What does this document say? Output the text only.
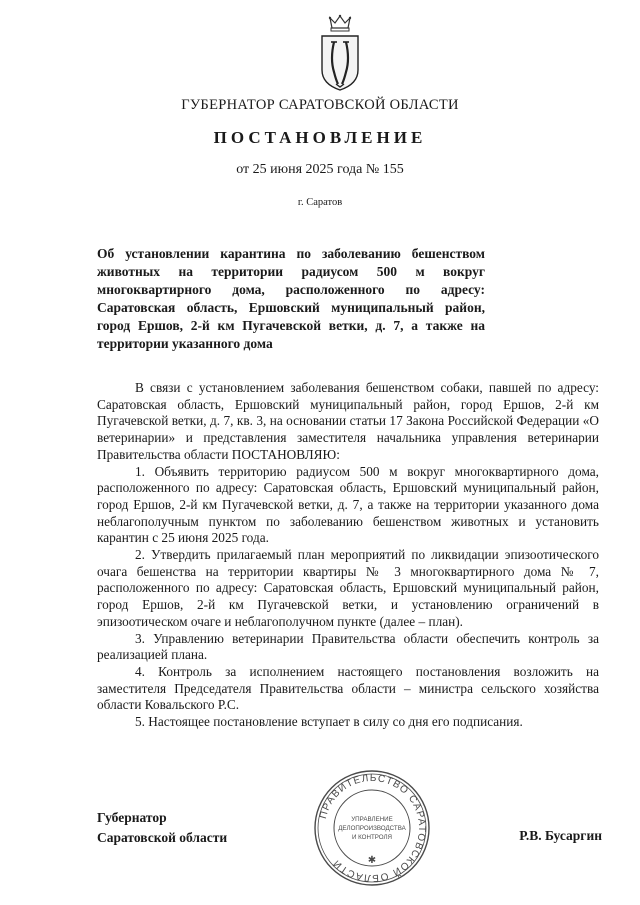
ГУБЕРНАТОР САРАТОВСКОЙ ОБЛАСТИ
ПОСТАНОВЛЕНИЕ
от 25 июня 2025 года № 155
г. Саратов
Об установлении карантина по заболеванию бешенством животных на территории радиусом 500 м вокруг многоквартирного дома, расположенного по адресу: Саратовская область, Ершовский муниципальный район, город Ершов, 2-й км Пугачевской ветки, д. 7, а также на территории указанного дома

В связи с установлением заболевания бешенством собаки, павшей по адресу: Саратовская область, Ершовский муниципальный район, город Ершов, 2-й км Пугачевской ветки, д. 7, кв. 3, на основании статьи 17 Закона Российской Федерации «О ветеринарии» и представления заместителя начальника управления ветеринарии Правительства области ПОСТАНОВЛЯЮ:

1. Объявить территорию радиусом 500 м вокруг многоквартирного дома, расположенного по адресу: Саратовская область, Ершовский муниципальный район, город Ершов, 2-й км Пугачевской ветки, д. 7, а также на территории указанного дома неблагополучным пунктом по заболеванию бешенством животных и установить карантин с 25 июня 2025 года.

2. Утвердить прилагаемый план мероприятий по ликвидации эпизоотического очага бешенства на территории квартиры № 3 многоквартирного дома № 7, расположенного по адресу: Саратовская область, Ершовский муниципальный район, город Ершов, 2-й км Пугачевской ветки, и установлению ограничений в эпизоотическом очаге и неблагополучном пункте (далее – план).

3. Управлению ветеринарии Правительства области обеспечить контроль за реализацией плана.

4. Контроль за исполнением настоящего постановления возложить на заместителя Председателя Правительства области – министра сельского хозяйства области Ковальского Р.С.

5. Настоящее постановление вступает в силу со дня его подписания.

Губернатор
Саратовской области	Р.В. Бусаргин
ПРАВИТЕЛЬСТВО САРАТОВСКОЙ ОБЛАСТИ
УПРАВЛЕНИЕ
ДЕЛОПРОИЗВОДСТВА
И КОНТРОЛЯ
✱
